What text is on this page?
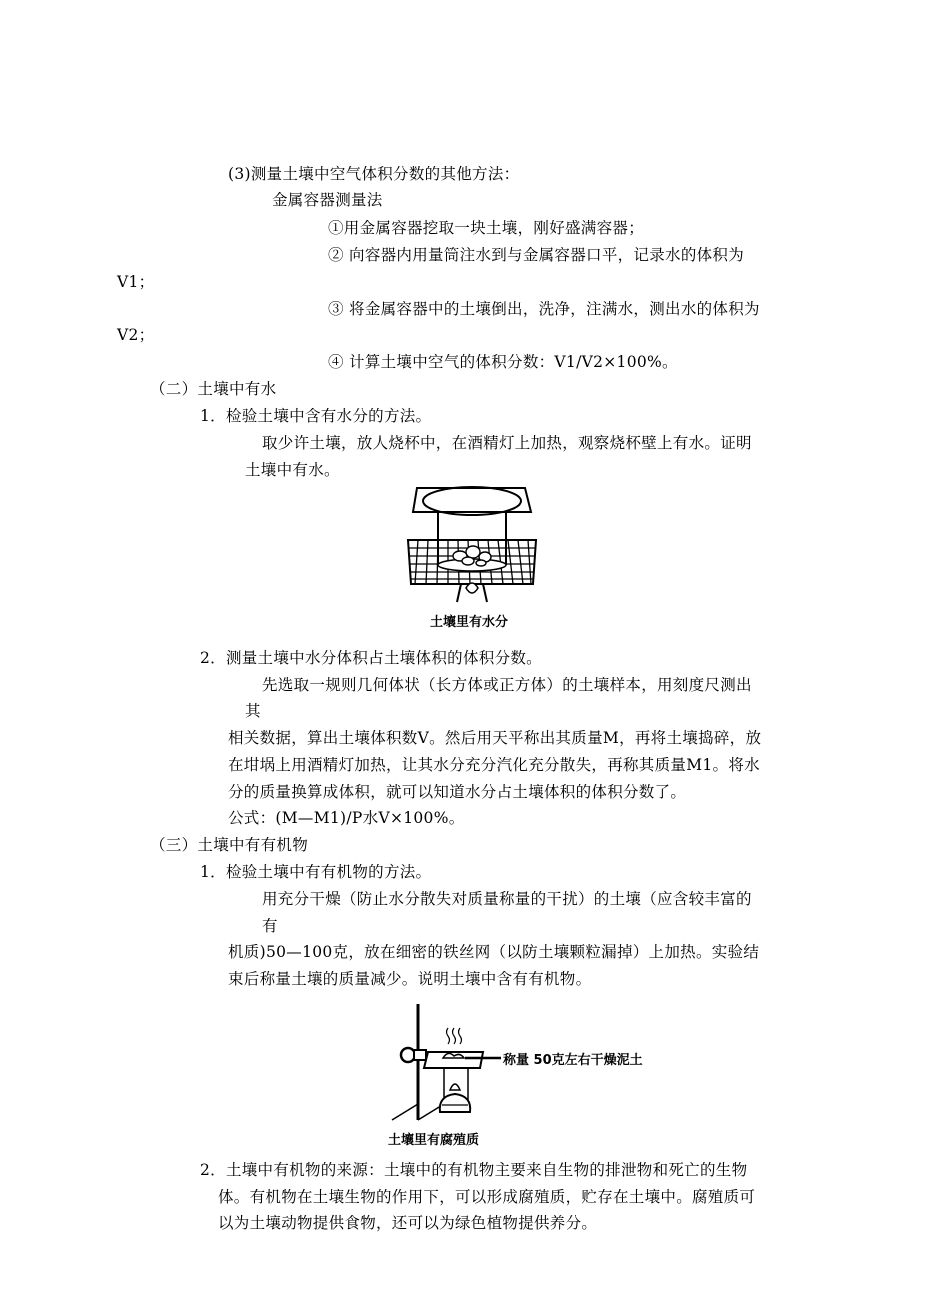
(3)测量土壤中空气体积分数的其他方法：
金属容器测量法
①用金属容器挖取一块土壤，刚好盛满容器；
② 向容器内用量筒注水到与金属容器口平，记录水的体积为
V1；
③ 将金属容器中的土壤倒出，洗净，注满水，测出水的体积为
V2；
④ 计算土壤中空气的体积分数：V1/V2×100%。
（二）土壤中有水
1．检验土壤中含有水分的方法。
取少许土壤，放人烧杯中，在酒精灯上加热，观察烧杯壁上有水。证明
土壤中有水。
土壤里有水分
2．测量土壤中水分体积占土壤体积的体积分数。
先选取一规则几何体状（长方体或正方体）的土壤样本，用刻度尺测出
其
相关数据，算出土壤体积数V。然后用天平称出其质量M，再将土壤捣碎，放
在坩埚上用酒精灯加热，让其水分充分汽化充分散失，再称其质量M1。将水
分的质量换算成体积，就可以知道水分占土壤体积的体积分数了。
公式：(M—M1)/Ρ水V×100%。
（三）土壤中有有机物
1．检验土壤中有有机物的方法。
用充分干燥（防止水分散失对质量称量的干扰）的土壤（应含较丰富的
有
机质)50—100克，放在细密的铁丝网（以防土壤颗粒漏掉）上加热。实验结
束后称量土壤的质量减少。说明土壤中含有有机物。
称量 50克左右干燥泥土
土壤里有腐殖质
2．土壤中有机物的来源：土壤中的有机物主要来自生物的排泄物和死亡的生物
体。有机物在土壤生物的作用下，可以形成腐殖质，贮存在土壤中。腐殖质可
以为土壤动物提供食物，还可以为绿色植物提供养分。
